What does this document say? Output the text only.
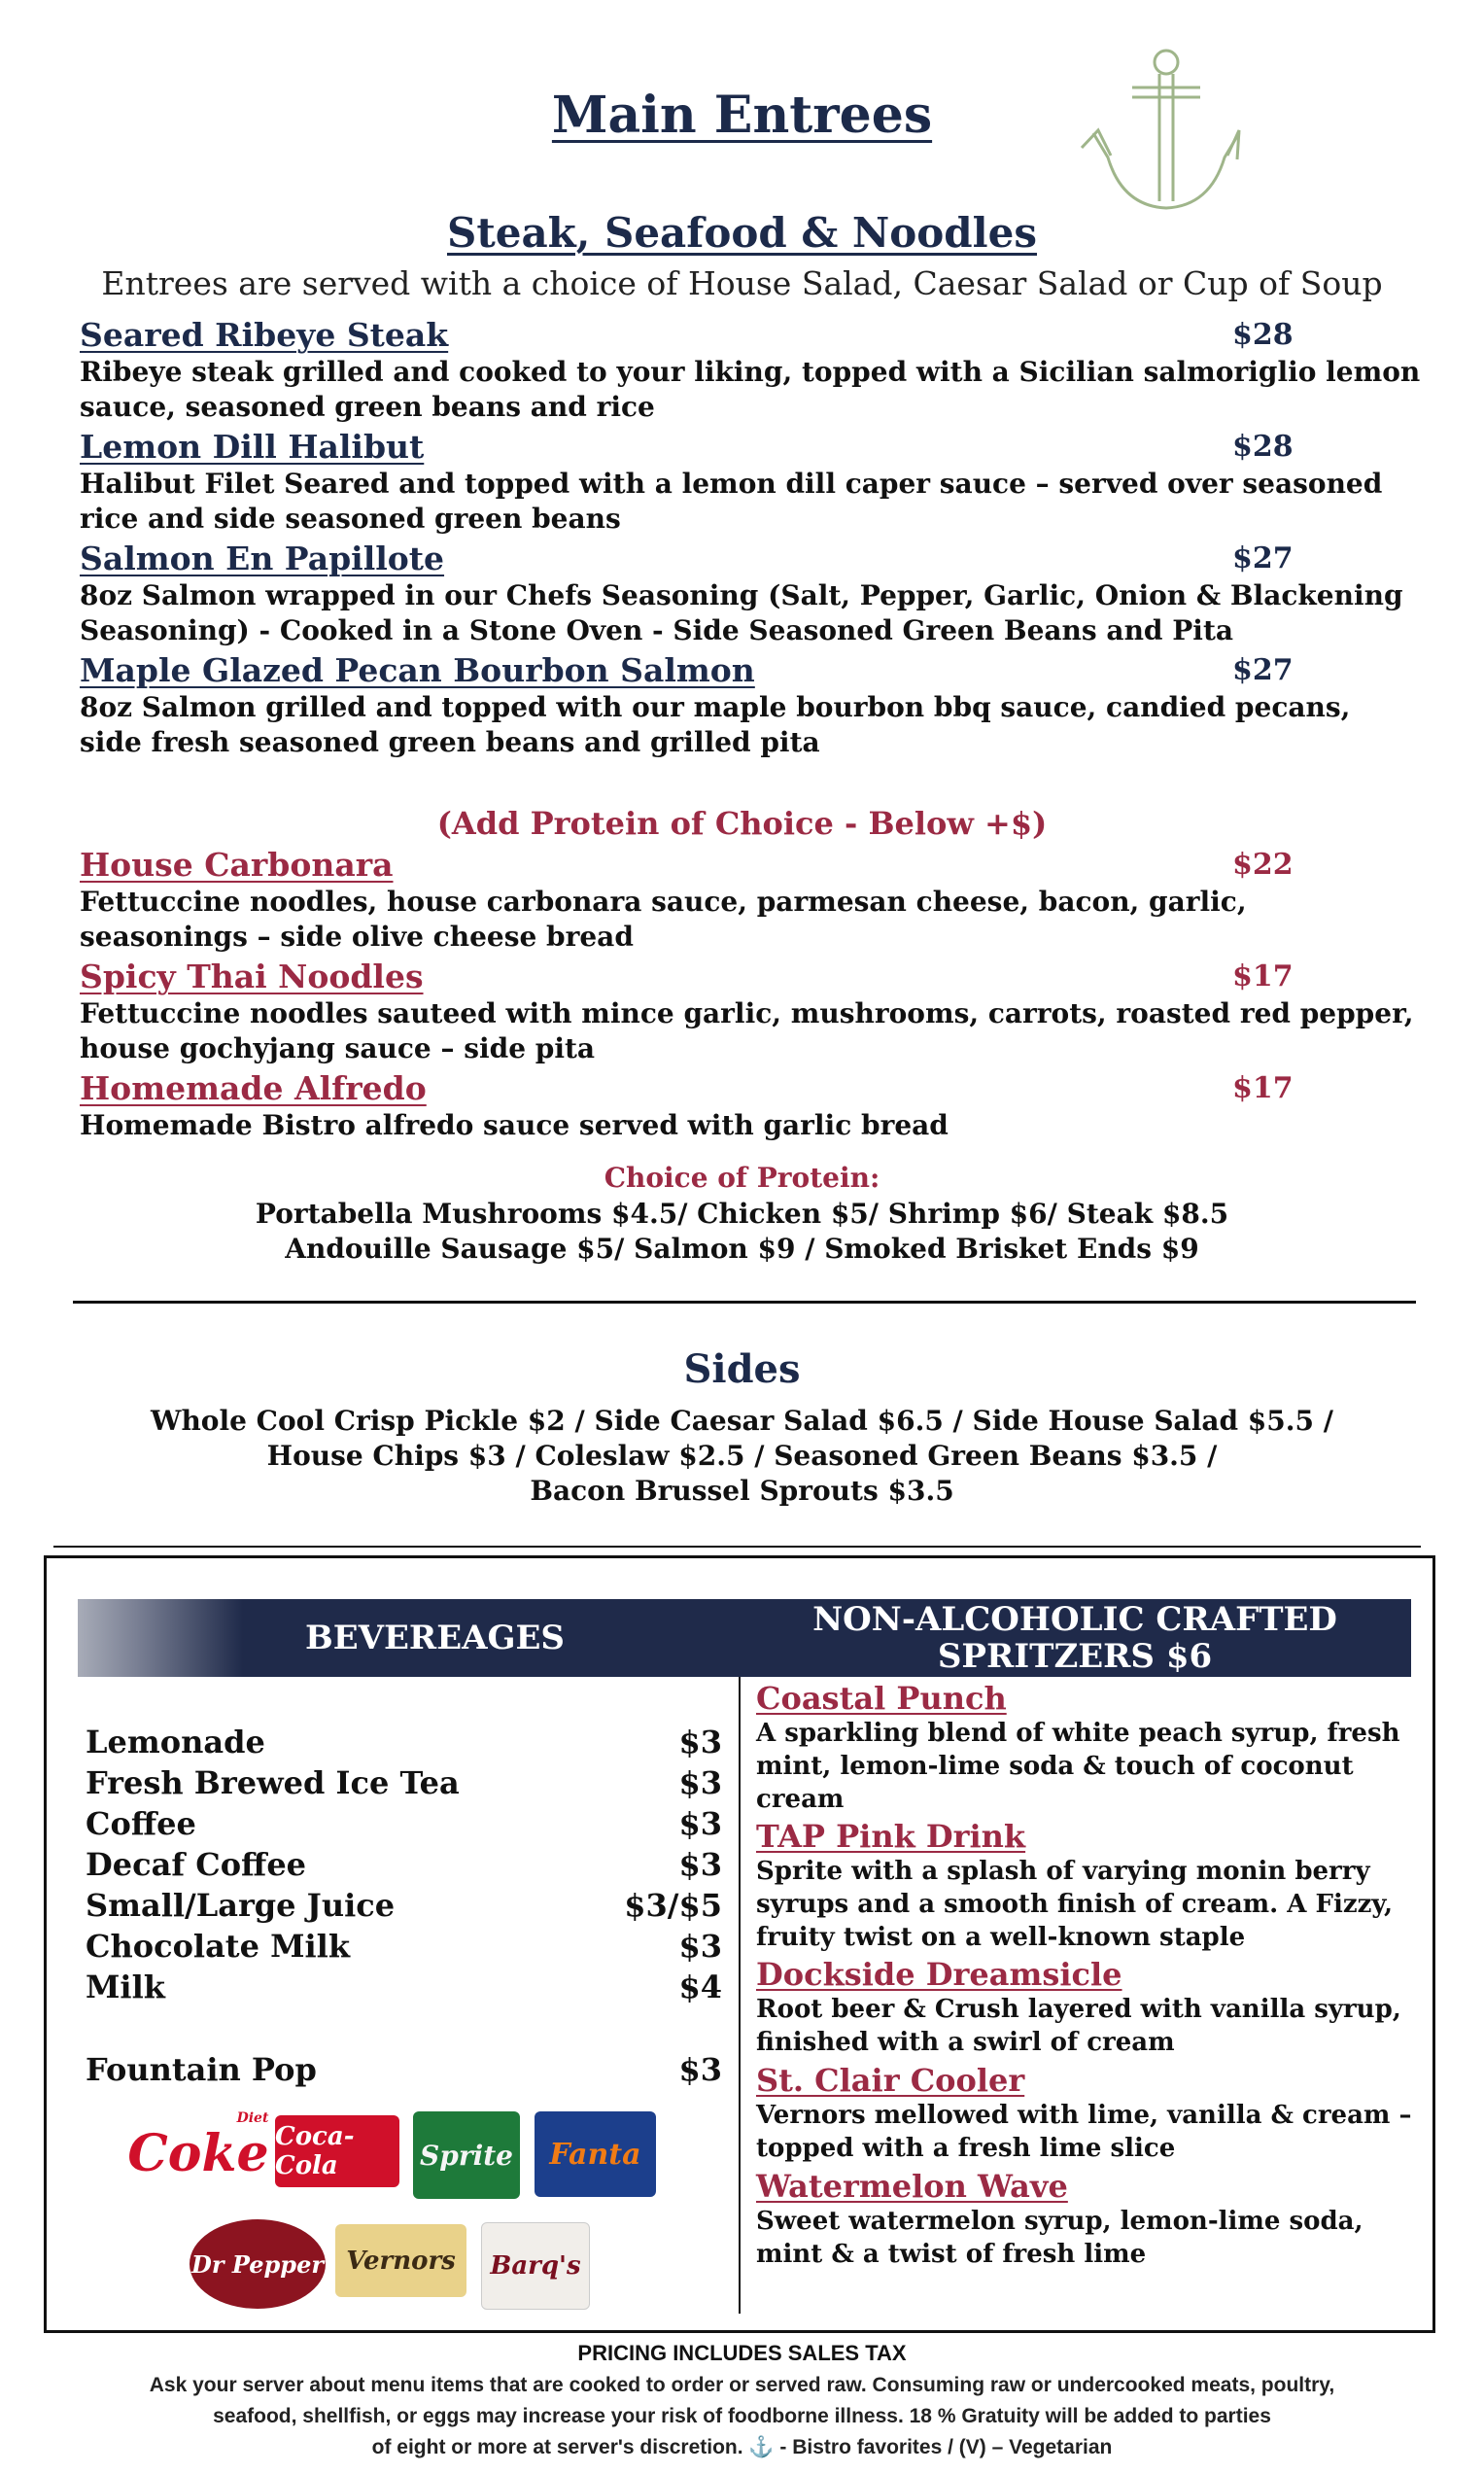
Main Entrees
Steak, Seafood & Noodles
Entrees are served with a choice of House Salad, Caesar Salad or Cup of Soup
Seared Ribeye Steak	$28
Ribeye steak grilled and cooked to your liking, topped with a Sicilian salmoriglio lemon sauce, seasoned green beans and rice
Lemon Dill Halibut	$28
Halibut Filet Seared and topped with a lemon dill caper sauce – served over seasoned rice and side seasoned green beans
Salmon En Papillote	$27
8oz Salmon wrapped in our Chefs Seasoning (Salt, Pepper, Garlic, Onion & Blackening Seasoning) - Cooked in a Stone Oven - Side Seasoned Green Beans and Pita
Maple Glazed Pecan Bourbon Salmon	$27
8oz Salmon grilled and topped with our maple bourbon bbq sauce, candied pecans, side fresh seasoned green beans and grilled pita
(Add Protein of Choice - Below +$)
House Carbonara	$22
Fettuccine noodles, house carbonara sauce, parmesan cheese, bacon, garlic, seasonings – side olive cheese bread
Spicy Thai Noodles	$17
Fettuccine noodles sauteed with mince garlic, mushrooms, carrots, roasted red pepper, house gochyjang sauce – side pita
Homemade Alfredo	$17
Homemade Bistro alfredo sauce served with garlic bread
Choice of Protein:
Portabella Mushrooms $4.5/ Chicken $5/ Shrimp $6/ Steak $8.5
Andouille Sausage $5/ Salmon $9 / Smoked Brisket Ends $9
Sides
Whole Cool Crisp Pickle $2 / Side Caesar Salad $6.5 / Side House Salad $5.5 /
House Chips $3 / Coleslaw $2.5 / Seasoned Green Beans $3.5 /
Bacon Brussel Sprouts $3.5
BEVEREAGES	NON-ALCOHOLIC CRAFTED
SPRITZERS $6
Lemonade	$3
Fresh Brewed Ice Tea	$3
Coffee	$3
Decaf Coffee	$3
Small/Large Juice	$3/$5
Chocolate Milk	$3
Milk	$4
Fountain Pop	$3
Coke
Diet
Coca-Cola	Sprite	Fanta
Dr Pepper Vernors	Barq's
Coastal Punch
A sparkling blend of white peach syrup, fresh mint, lemon-lime soda & touch of coconut cream
TAP Pink Drink
Sprite with a splash of varying monin berry syrups and a smooth finish of cream. A Fizzy, fruity twist on a well-known staple
Dockside Dreamsicle
Root beer & Crush layered with vanilla syrup, finished with a swirl of cream
St. Clair Cooler
Vernors mellowed with lime, vanilla & cream – topped with a fresh lime slice
Watermelon Wave
Sweet watermelon syrup, lemon-lime soda, mint & a twist of fresh lime
PRICING INCLUDES SALES TAX
Ask your server about menu items that are cooked to order or served raw. Consuming raw or undercooked meats, poultry,
seafood, shellfish, or eggs may increase your risk of foodborne illness. 18 % Gratuity will be added to parties
of eight or more at server's discretion. ⚓ - Bistro favorites / (V) – Vegetarian
